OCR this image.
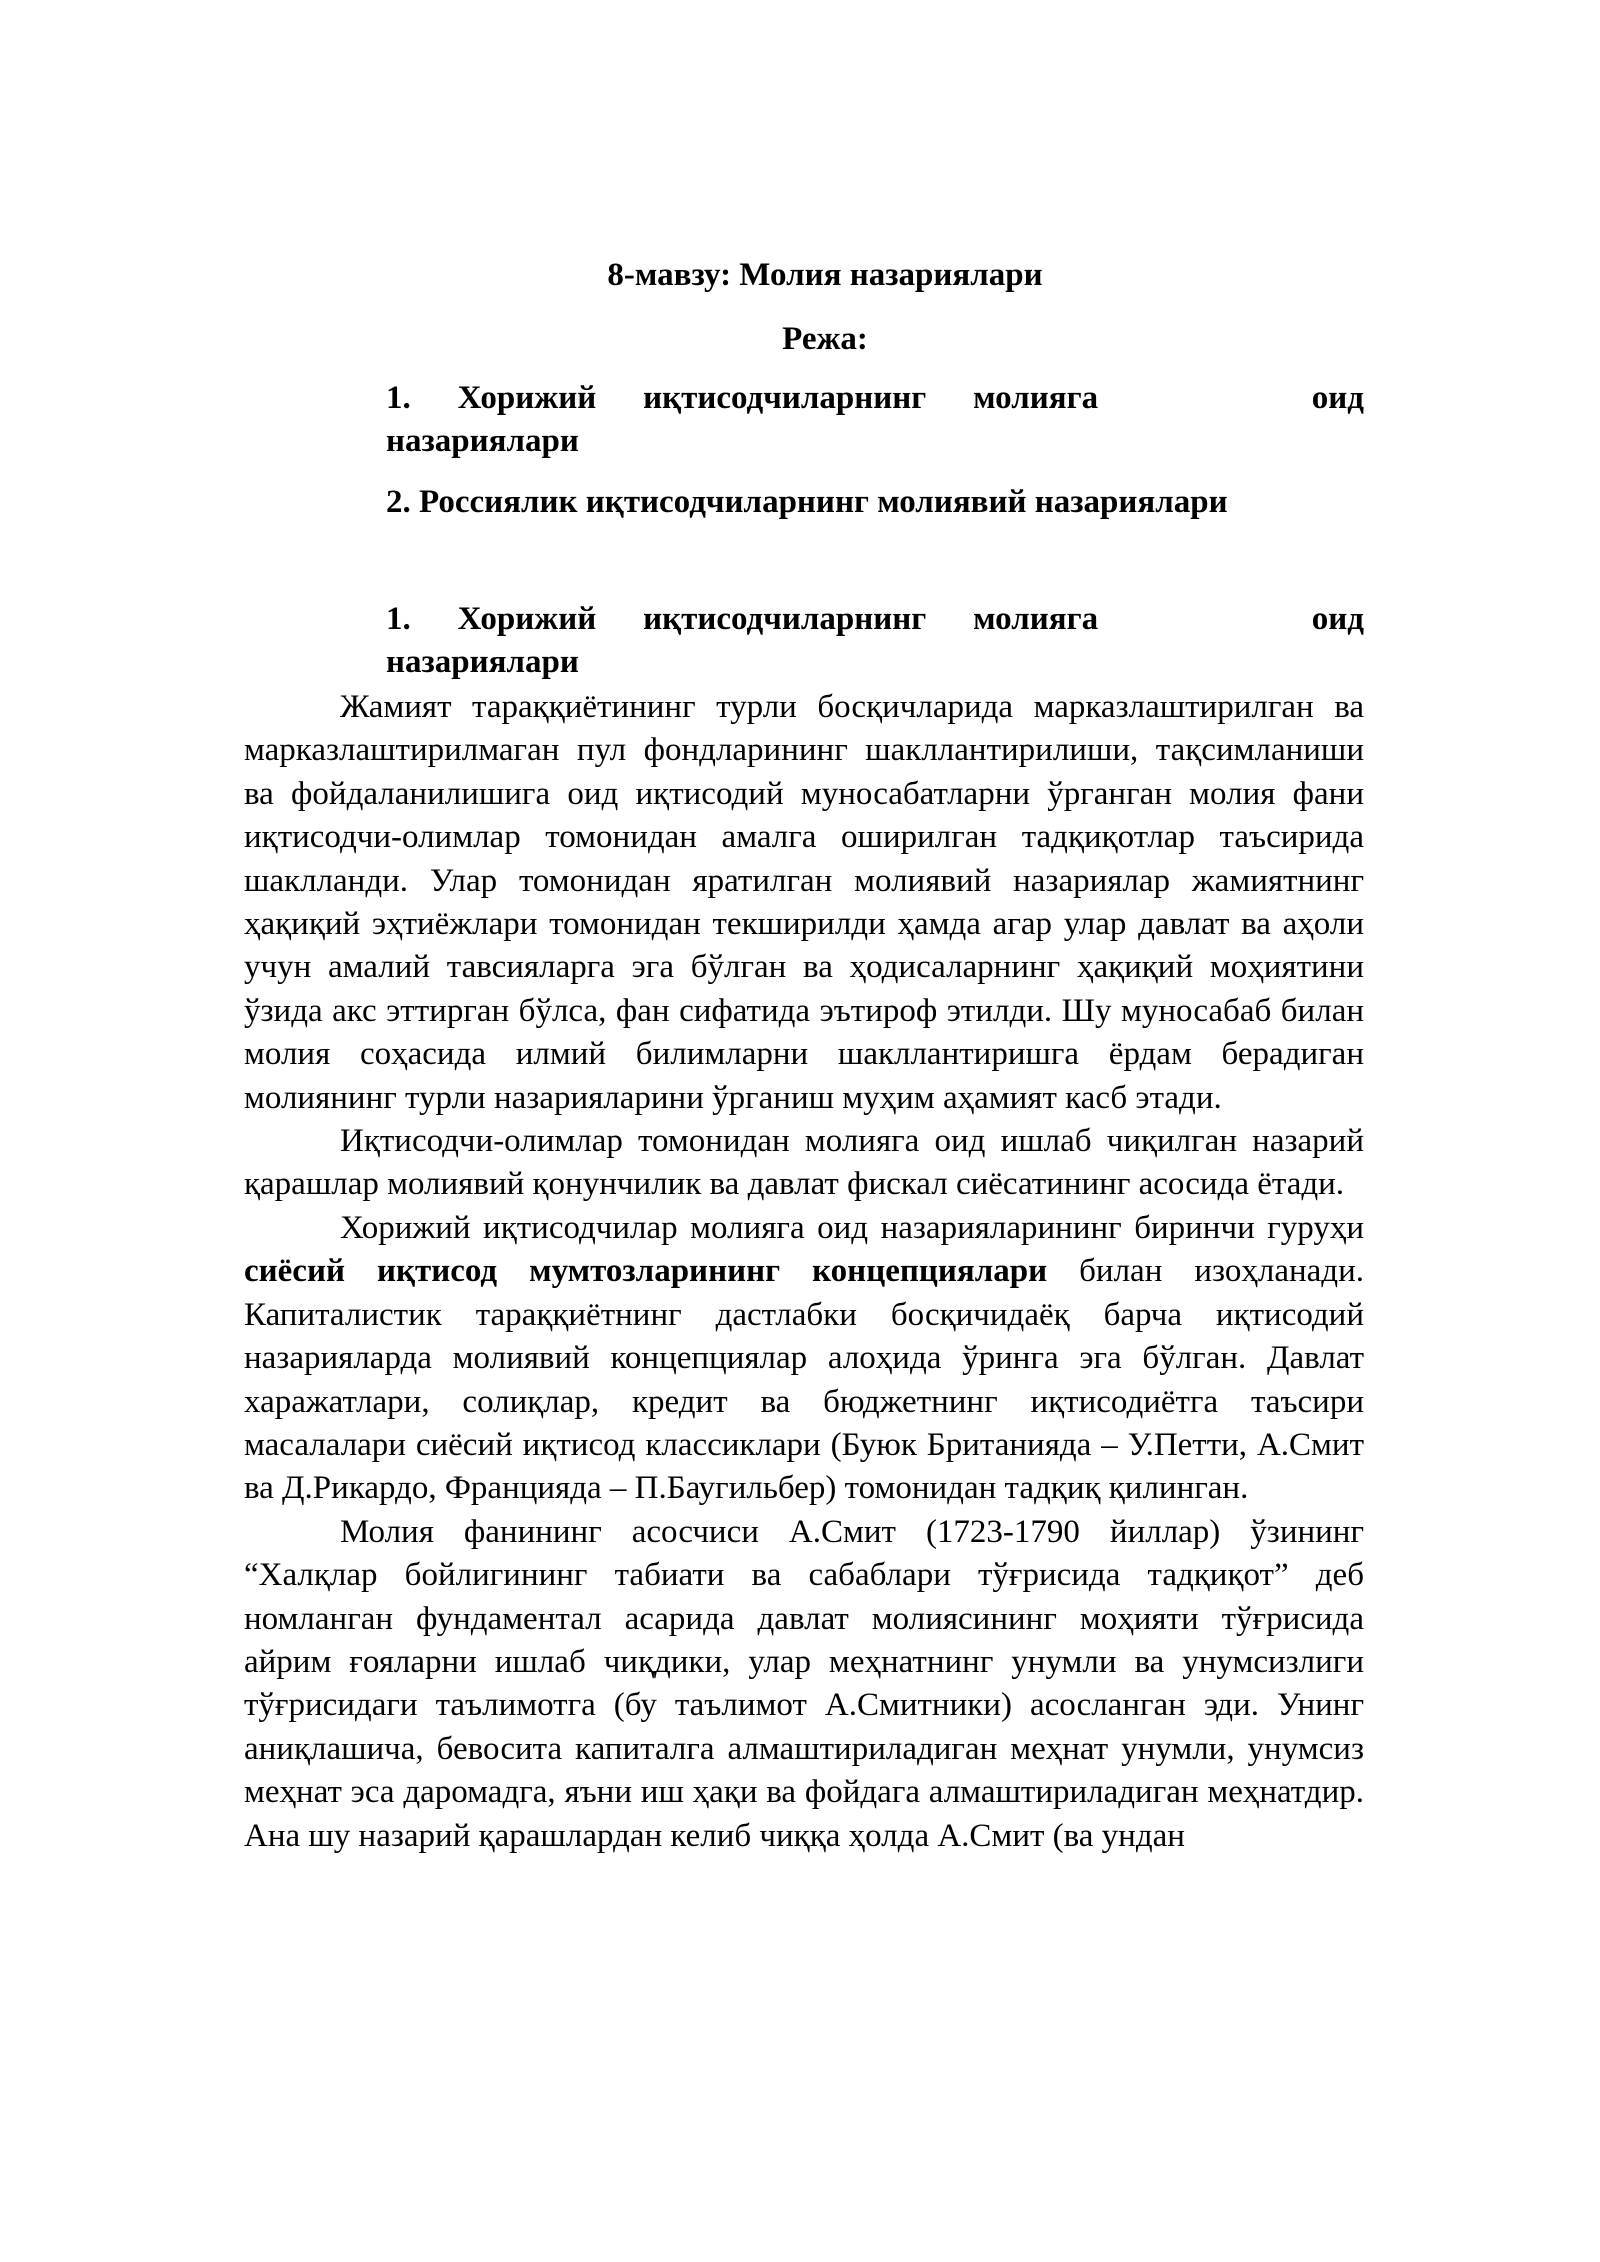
8-мавзу: Молия назариялари
Режа:
1. Хорижий иқтисодчиларнинг молияга	оид
назариялари
2. Россиялик иқтисодчиларнинг молиявий назариялари
1. Хорижий иқтисодчиларнинг молияга	оид
назариялари

Жамият тараққиётининг турли босқичларида марказлаштирилган ва марказлаштирилмаган пул фондларининг шакллантирилиши, тақсимланиши ва фойдаланилишига оид иқтисодий муносабатларни ўрганган молия фани иқтисодчи-олимлар томонидан амалга оширилган тадқиқотлар таъсирида шаклланди. Улар томонидан яратилган молиявий назариялар жамиятнинг ҳақиқий эҳтиёжлари томонидан текширилди ҳамда агар улар давлат ва аҳоли учун амалий тавсияларга эга бўлган ва ҳодисаларнинг ҳақиқий моҳиятини ўзида акс эттирган бўлса, фан сифатида эътироф этилди. Шу муносабаб билан молия соҳасида илмий билимларни шакллантиришга ёрдам берадиган молиянинг турли назарияларини ўрганиш муҳим аҳамият касб этади.

Иқтисодчи-олимлар томонидан молияга оид ишлаб чиқилган назарий қарашлар молиявий қонунчилик ва давлат фискал сиёсатининг асосида ётади.

Хорижий иқтисодчилар молияга оид назарияларининг биринчи гуруҳи сиёсий иқтисод мумтозларининг концепциялари билан изоҳланади. Капиталистик тараққиётнинг дастлабки босқичидаёқ барча иқтисодий назарияларда молиявий концепциялар алоҳида ўринга эга бўлган. Давлат харажатлари, солиқлар, кредит ва бюджетнинг иқтисодиётга таъсири масалалари сиёсий иқтисод классиклари (Буюк Британияда – У.Петти, А.Смит ва Д.Рикардо, Францияда – П.Баугильбер) томонидан тадқиқ қилинган.

Молия фанининг асосчиси А.Смит (1723-1790 йиллар) ўзининг “Халқлар бойлигининг табиати ва сабаблари тўғрисида тадқиқот” деб номланган фундаментал асарида давлат молиясининг моҳияти тўғрисида айрим ғояларни ишлаб чиқдики, улар меҳнатнинг унумли ва унумсизлиги тўғрисидаги таълимотга (бу таълимот А.Смитники) асосланган эди. Унинг аниқлашича, бевосита капиталга алмаштириладиган меҳнат унумли, унумсиз меҳнат эса даромадга, яъни иш ҳақи ва фойдага алмаштириладиган меҳнатдир. Ана шу назарий қарашлардан келиб чиққа ҳолда А.Смит (ва ундан
